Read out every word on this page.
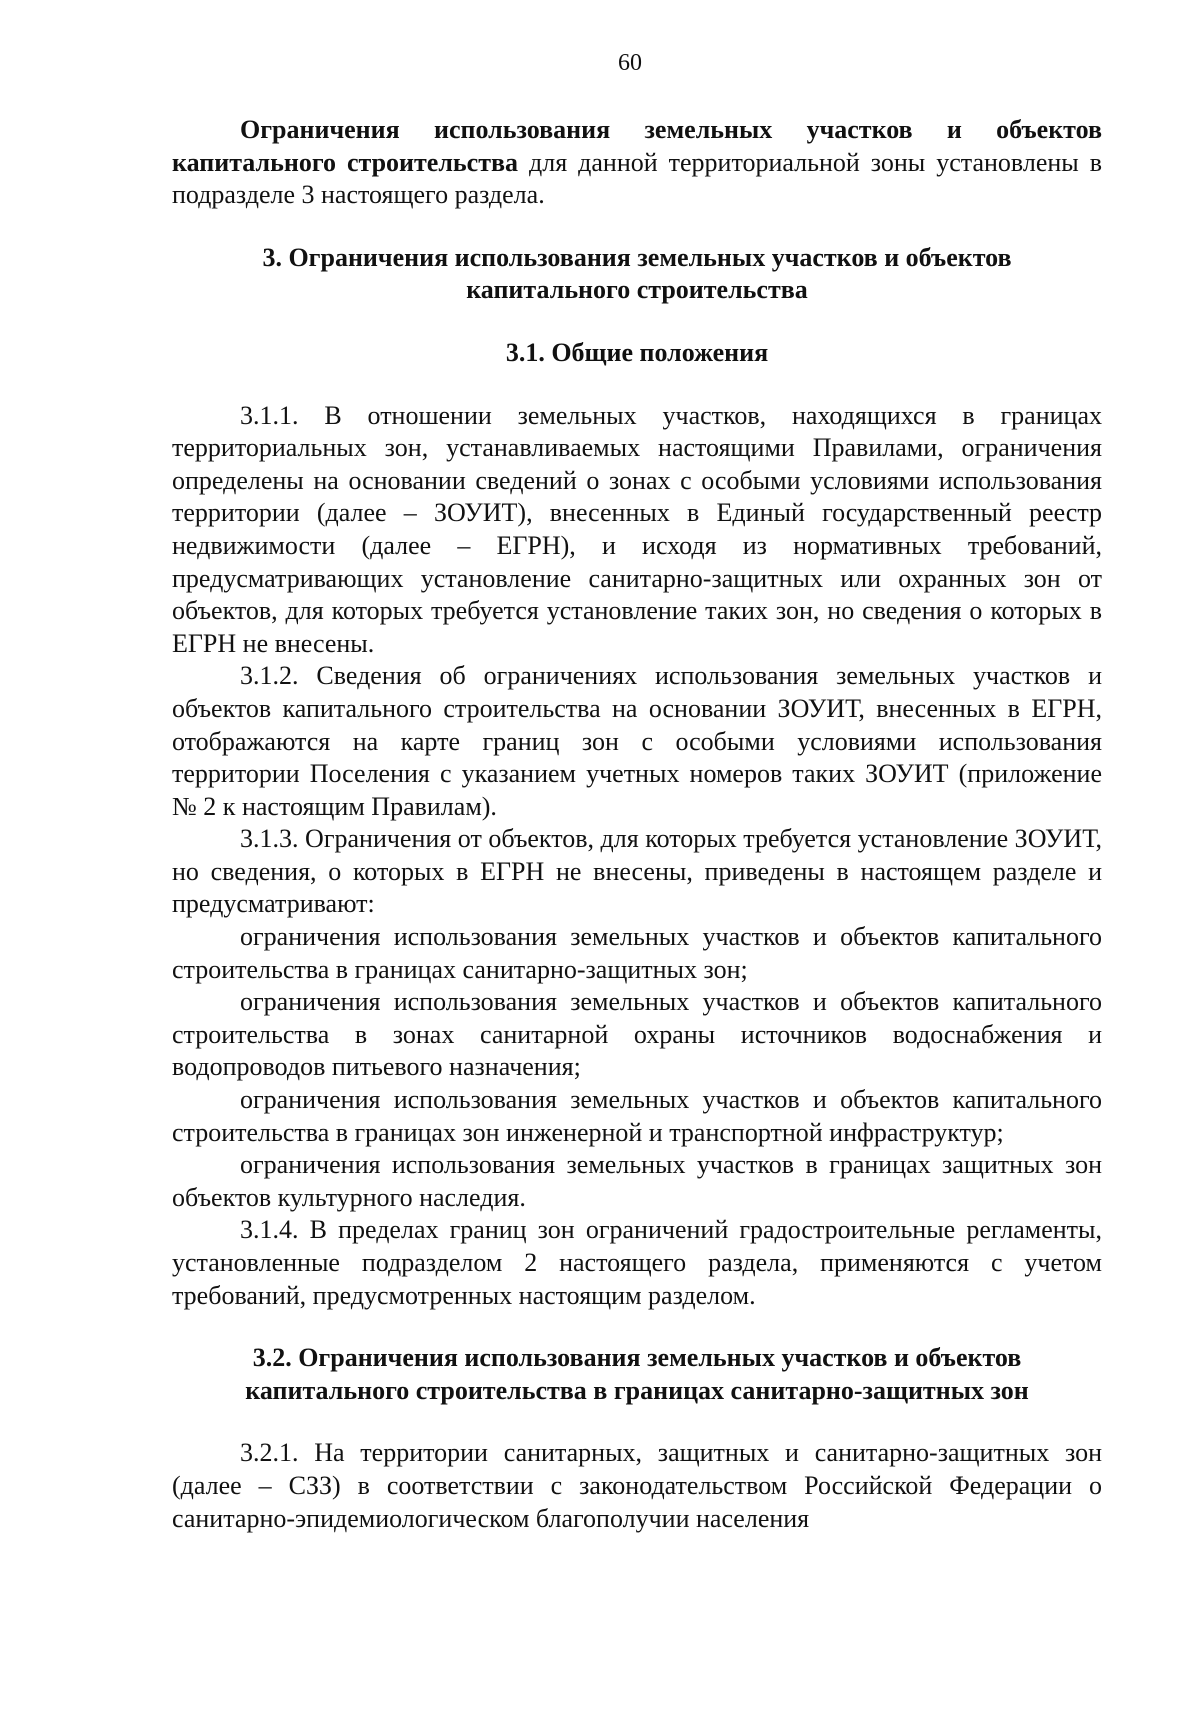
60

Ограничения использования земельных участков и объектов капитального строительства для данной территориальной зоны установлены в подразделе 3 настоящего раздела.

3. Ограничения использования земельных участков и объектов
капитального строительства
3.1. Общие положения

3.1.1. В отношении земельных участков, находящихся в границах территориальных зон, устанавливаемых настоящими Правилами, ограничения определены на основании сведений о зонах с особыми условиями использования территории (далее – ЗОУИТ), внесенных в Единый государственный реестр недвижимости (далее – ЕГРН), и исходя из нормативных требований, предусматривающих установление санитарно-защитных или охранных зон от объектов, для которых требуется установление таких зон, но сведения о которых в ЕГРН не внесены.

3.1.2. Сведения об ограничениях использования земельных участков и объектов капитального строительства на основании ЗОУИТ, внесенных в ЕГРН, отображаются на карте границ зон с особыми условиями использования территории Поселения с указанием учетных номеров таких ЗОУИТ (приложение № 2 к настоящим Правилам).

3.1.3. Ограничения от объектов, для которых требуется установление ЗОУИТ, но сведения, о которых в ЕГРН не внесены, приведены в настоящем разделе и предусматривают:

ограничения использования земельных участков и объектов капитального строительства в границах санитарно-защитных зон;

ограничения использования земельных участков и объектов капитального строительства в зонах санитарной охраны источников водоснабжения и водопроводов питьевого назначения;

ограничения использования земельных участков и объектов капитального строительства в границах зон инженерной и транспортной инфраструктур;

ограничения использования земельных участков в границах защитных зон объектов культурного наследия.

3.1.4. В пределах границ зон ограничений градостроительные регламенты, установленные подразделом 2 настоящего раздела, применяются с учетом требований, предусмотренных настоящим разделом.

3.2. Ограничения использования земельных участков и объектов
капитального строительства в границах санитарно-защитных зон

3.2.1. На территории санитарных, защитных и санитарно-защитных зон (далее – СЗЗ) в соответствии с законодательством Российской Федерации о санитарно-эпидемиологическом благополучии населения
